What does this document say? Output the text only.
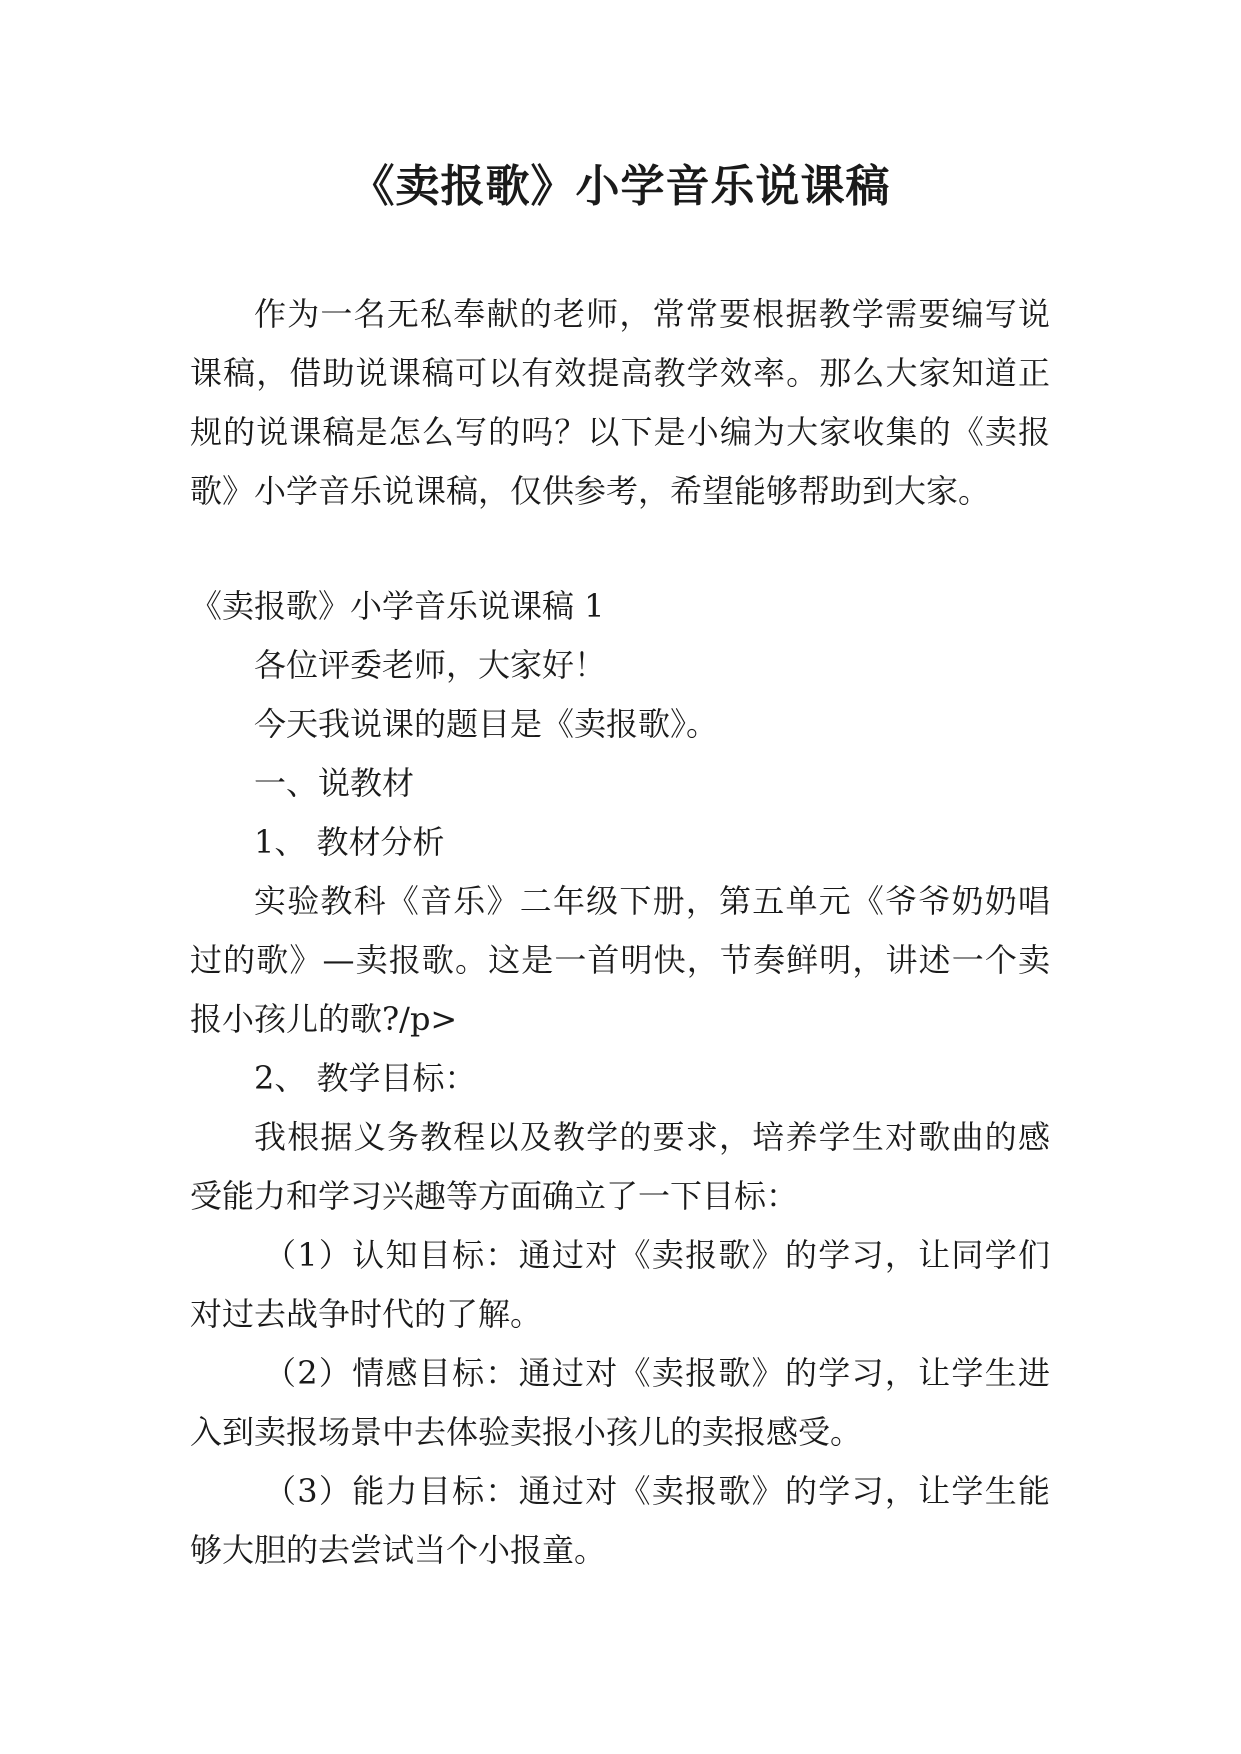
《卖报歌》小学音乐说课稿

作为一名无私奉献的老师，常常要根据教学需要编写说课稿，借助说课稿可以有效提高教学效率。那么大家知道正规的说课稿是怎么写的吗？以下是小编为大家收集的《卖报歌》小学音乐说课稿，仅供参考，希望能够帮助到大家。

《卖报歌》小学音乐说课稿 1

各位评委老师，大家好！

今天我说课的题目是《卖报歌》。

一、说教材

1、 教材分析

实验教科《音乐》二年级下册，第五单元《爷爷奶奶唱过的歌》—卖报歌。这是一首明快，节奏鲜明，讲述一个卖报小孩儿的歌?/p>

2、 教学目标：

我根据义务教程以及教学的要求，培养学生对歌曲的感受能力和学习兴趣等方面确立了一下目标：

（1）认知目标：通过对《卖报歌》的学习，让同学们对过去战争时代的了解。

（2）情感目标：通过对《卖报歌》的学习，让学生进入到卖报场景中去体验卖报小孩儿的卖报感受。

（3）能力目标：通过对《卖报歌》的学习，让学生能够大胆的去尝试当个小报童。
